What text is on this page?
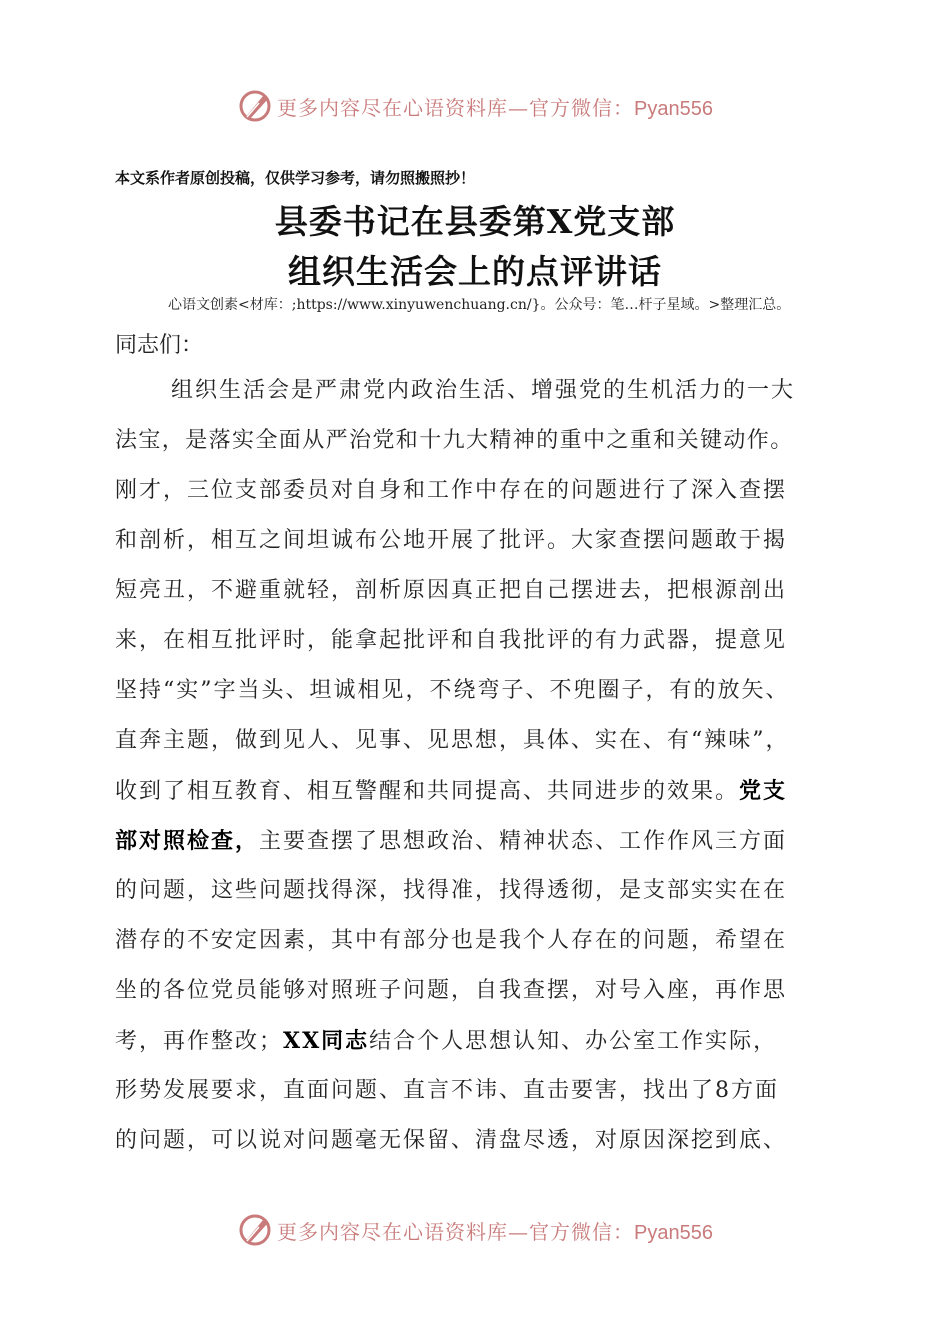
更多内容尽在心语资料库—官方微信：Pyan556
本文系作者原创投稿，仅供学习参考，请勿照搬照抄！
县委书记在县委第X党支部
组织生活会上的点评讲话
心语文创素<材库：;https://www.xinyuwenchuang.cn/}。公众号：笔…杆子星域。>整理汇总。
同志们：
组织生活会是严肃党内政治生活、增强党的生机活力的一大
法宝，是落实全面从严治党和十九大精神的重中之重和关键动作。
刚才，三位支部委员对自身和工作中存在的问题进行了深入查摆
和剖析，相互之间坦诚布公地开展了批评。大家查摆问题敢于揭
短亮丑，不避重就轻，剖析原因真正把自己摆进去，把根源剖出
来，在相互批评时，能拿起批评和自我批评的有力武器，提意见
坚持“实”字当头、坦诚相见，不绕弯子、不兜圈子，有的放矢、
直奔主题，做到见人、见事、见思想，具体、实在、有“辣味”，
收到了相互教育、相互警醒和共同提高、共同进步的效果。党支
部对照检查，主要查摆了思想政治、精神状态、工作作风三方面
的问题，这些问题找得深，找得准，找得透彻，是支部实实在在
潜存的不安定因素，其中有部分也是我个人存在的问题，希望在
坐的各位党员能够对照班子问题，自我查摆，对号入座，再作思
考，再作整改；XX同志结合个人思想认知、办公室工作实际，
形势发展要求，直面问题、直言不讳、直击要害，找出了8方面
的问题，可以说对问题毫无保留、清盘尽透，对原因深挖到底、
更多内容尽在心语资料库—官方微信：Pyan556
